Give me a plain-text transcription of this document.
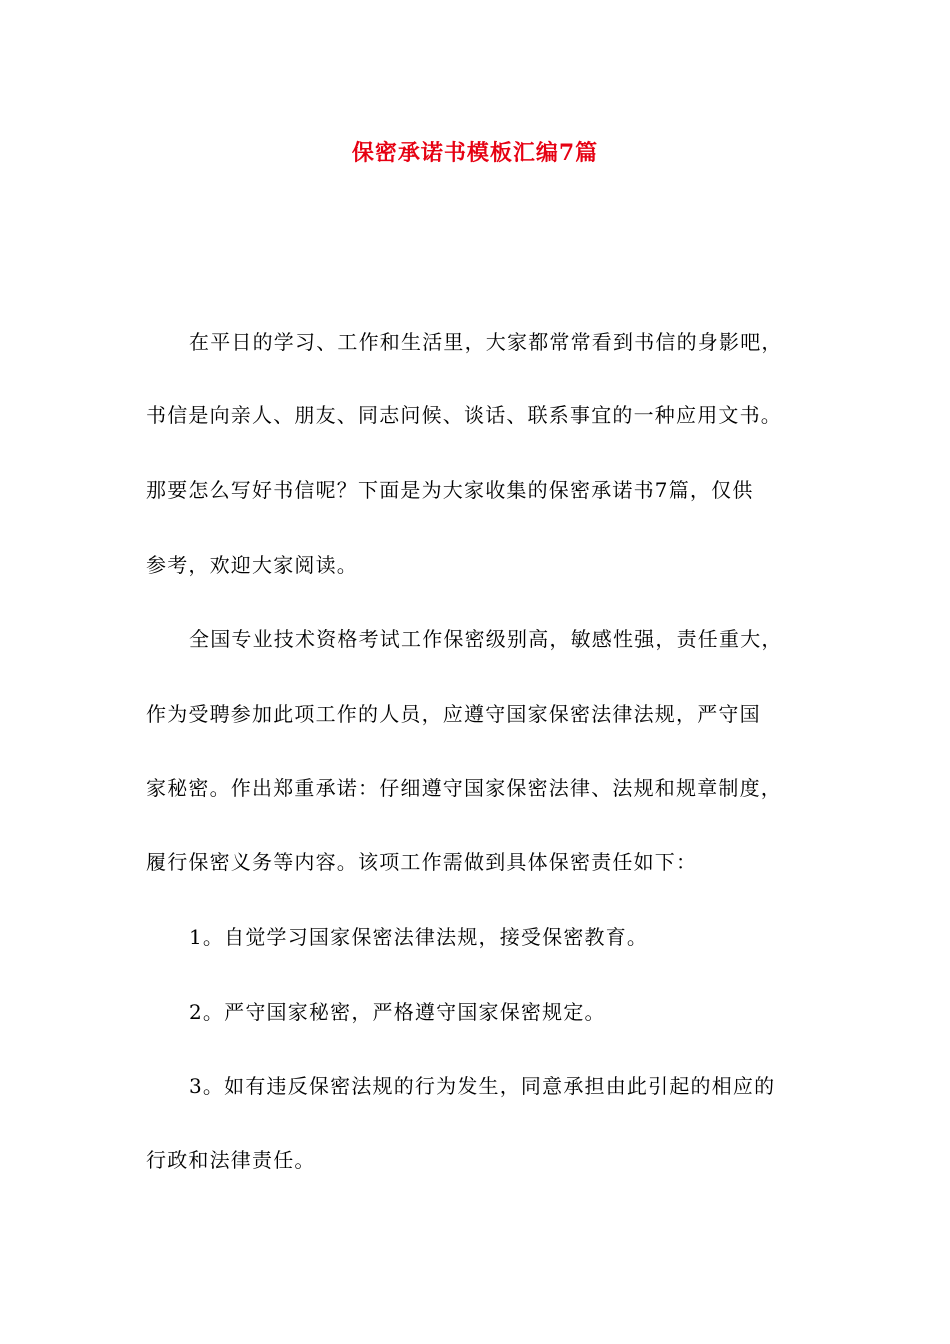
保密承诺书模板汇编7篇
在平日的学习、工作和生活里，大家都常常看到书信的身影吧，
书信是向亲人、朋友、同志问候、谈话、联系事宜的一种应用文书。
那要怎么写好书信呢？下面是为大家收集的保密承诺书7篇，仅供
参考，欢迎大家阅读。
全国专业技术资格考试工作保密级别高，敏感性强，责任重大，
作为受聘参加此项工作的人员，应遵守国家保密法律法规，严守国
家秘密。作出郑重承诺：仔细遵守国家保密法律、法规和规章制度，
履行保密义务等内容。该项工作需做到具体保密责任如下：
1。自觉学习国家保密法律法规，接受保密教育。
2。严守国家秘密，严格遵守国家保密规定。
3。如有违反保密法规的行为发生，同意承担由此引起的相应的
行政和法律责任。
